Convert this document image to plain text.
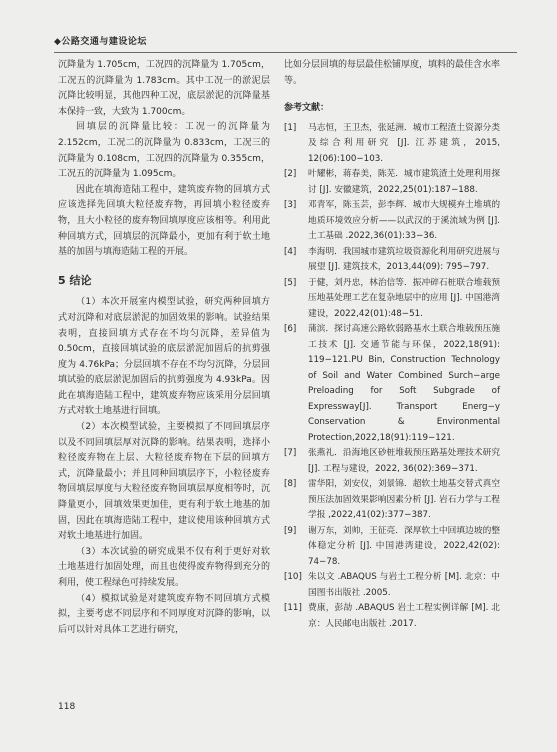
◆公路交通与建设论坛

沉降量为 1.705cm，工况四的沉降量为 1.705cm，工况五的沉降量为 1.783cm。其中工况一的淤泥层沉降比较明显，其他四种工况，底层淤泥的沉降量基本保持一致，大致为 1.700cm。

回填层的沉降量比较：工况一的沉降量为 2.152cm，工况二的沉降量为 0.833cm，工况三的沉降量为 0.108cm，工况四的沉降量为 0.355cm，工况五的沉降量为 1.095cm。

因此在填海造陆工程中，建筑废弃物的回填方式应该选择先回填大粒径废弃物，再回填小粒径废弃物，且大小粒径的废弃物回填厚度应该相等。利用此种回填方式，回填层的沉降最小，更加有利于软土地基的加固与填海造陆工程的开展。

5 结论

（1）本次开展室内模型试验，研究两种回填方式对沉降和对底层淤泥的加固效果的影响。试验结果表明，直接回填方式存在不均匀沉降，差异值为 0.50cm，直接回填试验的底层淤泥加固后的抗剪强度为 4.76kPa；分层回填不存在不均匀沉降，分层回填试验的底层淤泥加固后的抗剪强度为 4.93kPa。因此在填海造陆工程中，建筑废弃物应该采用分层回填方式对软土地基进行回填。

（2）本次模型试验，主要模拟了不同回填层序以及不同回填层厚对沉降的影响。结果表明，选择小粒径废弃物在上层、大粒径废弃物在下层的回填方式，沉降量最小；并且同种回填层序下，小粒径废弃物回填层厚度与大粒径废弃物回填层厚度相等时，沉降量更小，回填效果更加佳，更有利于软土地基的加固，因此在填海造陆工程中，建议使用该种回填方式对软土地基进行加固。

（3）本次试验的研究成果不仅有利于更好对软土地基进行加固处理，而且也使得废弃物得到充分的利用，使工程绿色可持续发展。

（4）模拟试验是对建筑废弃物不同回填方式模拟，主要考虑不同层序和不同厚度对沉降的影响，以后可以针对具体工艺进行研究，

比如分层回填的每层最佳松铺厚度，填料的最佳含水率等。

参考文献：
[1] 马志恒，王卫杰，张延洲．城市工程渣土资源分类及综合利用研究 [J]. 江苏建筑，2015, 12(06):100−103.
[2] 叶耀彬，蒋春美，陈芜．城市建筑渣土处理利用探讨 [J]. 安徽建筑，2022,25(01):187−188.
[3] 邓青军，陈玉芸，彭李辉．城市大规模弃土堆填的地质环境效应分析——以武汉的于溪流域为例 [J]. 土工基础 .2022,36(01):33−36.
[4] 李海明．我国城市建筑垃圾资源化利用研究进展与展望 [J]. 建筑技术，2013,44(09): 795−797.
[5] 于健，刘丹忠，林治信等．振冲碎石桩联合堆载预压地基处理工艺在复杂地层中的应用 [J]. 中国港湾建设，2022,42(01):48−51.
[6] 蒲滨．探讨高速公路软弱路基水土联合堆载预压施工技术 [J]. 交通节能与环保，2022,18(91): 119−121.PU Bin, Construction Technology of Soil and Water Combined Surch−arge Preloading for Soft Subgrade of Expressway[J]. Transport Energ−y Conservation & Environmental Protection,2022,18(91):119−121.
[7] 张燕礼．沿海地区砂桩堆载预压路基处理技术研究 [J]. 工程与建设，2022, 36(02):369−371.
[8] 雷华阳，刘安仪，刘景锦．超软土地基交替式真空预压法加固效果影响因素分析 [J]. 岩石力学与工程学报 ,2022,41(02):377−387.
[9] 谢万东，刘帅，王征亮．深厚软土中回填边坡的整体稳定分析 [J]. 中国港湾建设，2022,42(02): 74−78.
[10] 朱以文 .ABAQUS 与岩土工程分析 [M]. 北京：中国图书出版社 .2005.
[11] 费康，彭劼 .ABAQUS 岩土工程实例详解 [M]. 北京：人民邮电出版社 .2017.
118
